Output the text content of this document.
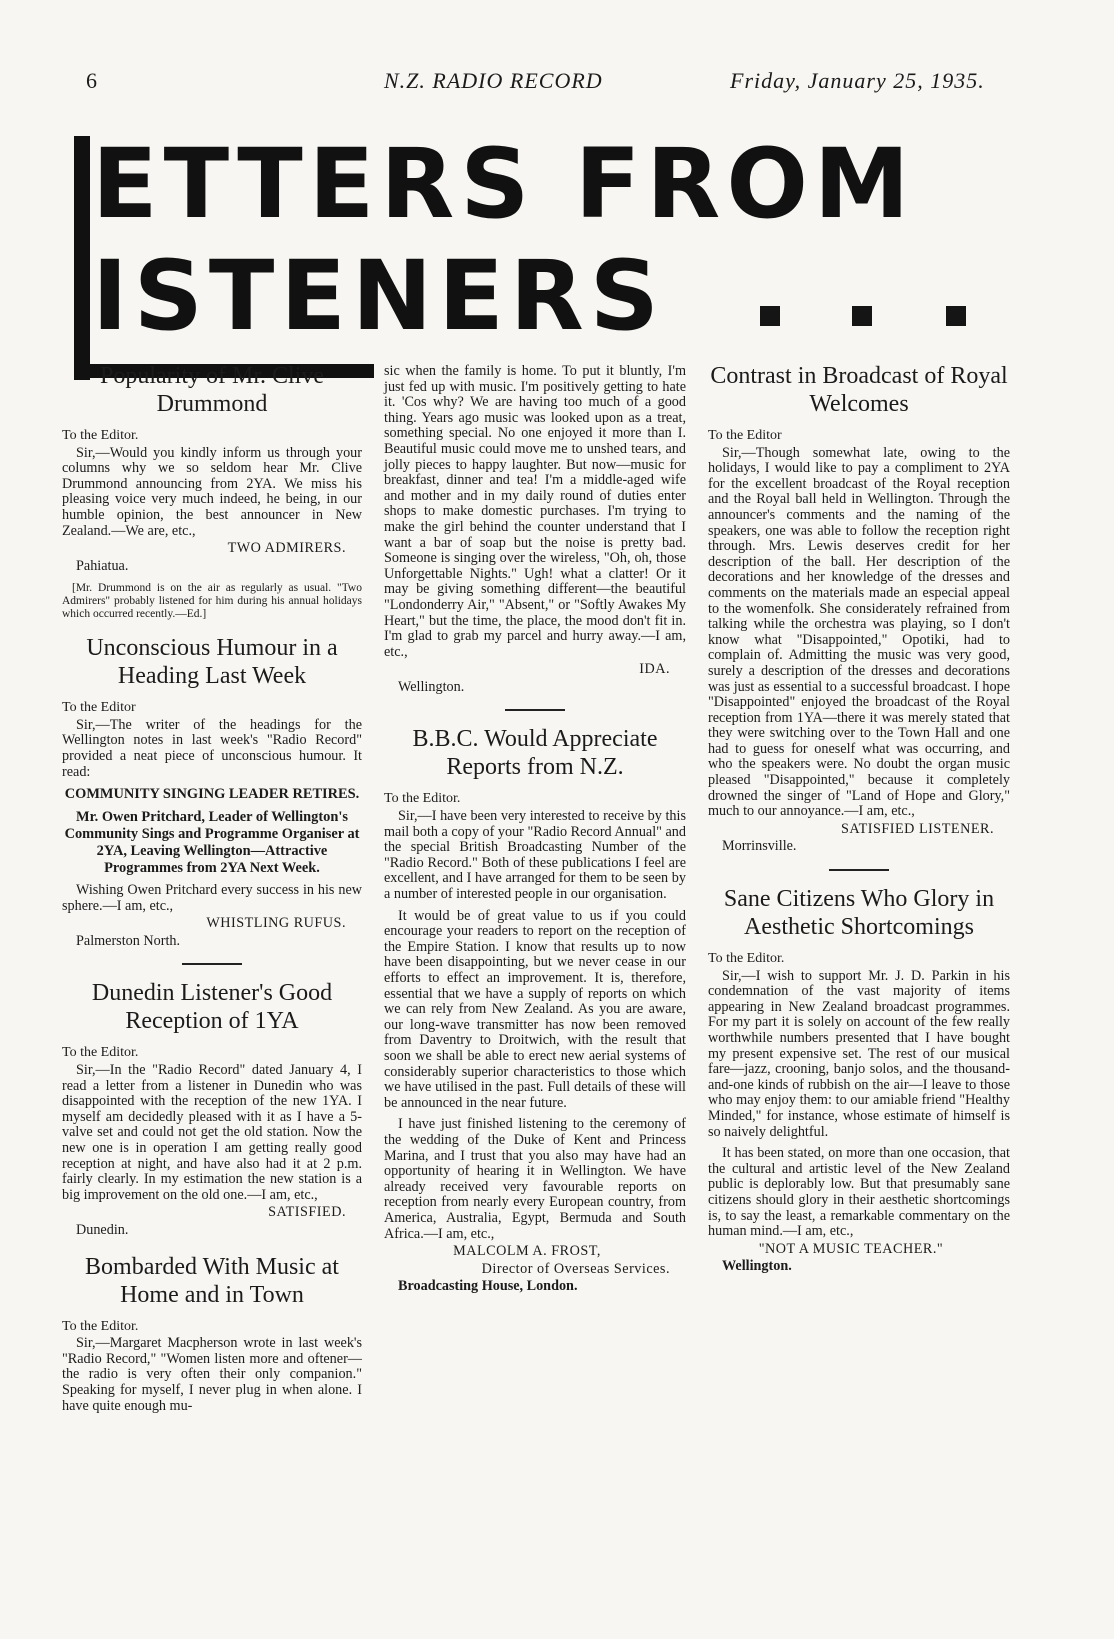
6	N.Z. RADIO RECORD	Friday, January 25, 1935.
ETTERS FROM
ISTENERS
Popularity of Mr. Clive Drummond
To the Editor.

Sir,—Would you kindly inform us through your columns why we so seldom hear Mr. Clive Drummond announcing from 2YA. We miss his pleasing voice very much indeed, he being, in our humble opinion, the best announcer in New Zealand.—We are, etc.,

TWO ADMIRERS.
Pahiatua.
[Mr. Drummond is on the air as regularly as usual. "Two Admirers" probably listened for him during his annual holidays which occurred recently.—Ed.]
Unconscious Humour in a Heading Last Week
To the Editor

Sir,—The writer of the headings for the Wellington notes in last week's "Radio Record" provided a neat piece of unconscious humour. It read:

COMMUNITY SINGING LEADER RETIRES.

Mr. Owen Pritchard, Leader of Wellington's Community Sings and Programme Organiser at 2YA, Leaving Wellington—Attractive Programmes from 2YA Next Week.

Wishing Owen Pritchard every success in his new sphere.—I am, etc.,

WHISTLING RUFUS.
Palmerston North.
Dunedin Listener's Good Reception of 1YA
To the Editor.

Sir,—In the "Radio Record" dated January 4, I read a letter from a listener in Dunedin who was disappointed with the reception of the new 1YA. I myself am decidedly pleased with it as I have a 5-valve set and could not get the old station. Now the new one is in operation I am getting really good reception at night, and have also had it at 2 p.m. fairly clearly. In my estimation the new station is a big improvement on the old one.—I am, etc.,

SATISFIED.
Dunedin.
Bombarded With Music at Home and in Town
To the Editor.

Sir,—Margaret Macpherson wrote in last week's "Radio Record," "Women listen more and oftener—the radio is very often their only companion." Speaking for myself, I never plug in when alone. I have quite enough mu-

sic when the family is home. To put it bluntly, I'm just fed up with music. I'm positively getting to hate it. 'Cos why? We are having too much of a good thing. Years ago music was looked upon as a treat, something special. No one enjoyed it more than I. Beautiful music could move me to unshed tears, and jolly pieces to happy laughter. But now—music for breakfast, dinner and tea! I'm a middle-aged wife and mother and in my daily round of duties enter shops to make domestic purchases. I'm trying to make the girl behind the counter understand that I want a bar of soap but the noise is pretty bad. Someone is singing over the wireless, "Oh, oh, those Unforgettable Nights." Ugh! what a clatter! Or it may be giving something different—the beautiful "Londonderry Air," "Absent," or "Softly Awakes My Heart," but the time, the place, the mood don't fit in. I'm glad to grab my parcel and hurry away.—I am, etc.,

IDA.
Wellington.
B.B.C. Would Appreciate Reports from N.Z.
To the Editor.

Sir,—I have been very interested to receive by this mail both a copy of your "Radio Record Annual" and the special British Broadcasting Number of the "Radio Record." Both of these publications I feel are excellent, and I have arranged for them to be seen by a number of interested people in our organisation.

It would be of great value to us if you could encourage your readers to report on the reception of the Empire Station. I know that results up to now have been disappointing, but we never cease in our efforts to effect an improvement. It is, therefore, essential that we have a supply of reports on which we can rely from New Zealand. As you are aware, our long-wave transmitter has now been removed from Daventry to Droitwich, with the result that soon we shall be able to erect new aerial systems of considerably superior characteristics to those which we have utilised in the past. Full details of these will be announced in the near future.

I have just finished listening to the ceremony of the wedding of the Duke of Kent and Princess Marina, and I trust that you also may have had an opportunity of hearing it in Wellington. We have already received very favourable reports on reception from nearly every European country, from America, Australia, Egypt, Bermuda and South Africa.—I am, etc.,

MALCOLM A. FROST,
Director of Overseas Services.
Broadcasting House, London.
Contrast in Broadcast of Royal Welcomes
To the Editor

Sir,—Though somewhat late, owing to the holidays, I would like to pay a compliment to 2YA for the excellent broadcast of the Royal reception and the Royal ball held in Wellington. Through the announcer's comments and the naming of the speakers, one was able to follow the reception right through. Mrs. Lewis deserves credit for her description of the ball. Her description of the decorations and her knowledge of the dresses and comments on the materials made an especial appeal to the womenfolk. She considerately refrained from talking while the orchestra was playing, so I don't know what "Disappointed," Opotiki, had to complain of. Admitting the music was very good, surely a description of the dresses and decorations was just as essential to a successful broadcast. I hope "Disappointed" enjoyed the broadcast of the Royal reception from 1YA—there it was merely stated that they were switching over to the Town Hall and one had to guess for oneself what was occurring, and who the speakers were. No doubt the organ music pleased "Disappointed," because it completely drowned the singer of "Land of Hope and Glory," much to our annoyance.—I am, etc.,

SATISFIED LISTENER.
Morrinsville.
Sane Citizens Who Glory in Aesthetic Shortcomings
To the Editor.

Sir,—I wish to support Mr. J. D. Parkin in his condemnation of the vast majority of items appearing in New Zealand broadcast programmes. For my part it is solely on account of the few really worthwhile numbers presented that I have bought my present expensive set. The rest of our musical fare—jazz, crooning, banjo solos, and the thousand-and-one kinds of rubbish on the air—I leave to those who may enjoy them: to our amiable friend "Healthy Minded," for instance, whose estimate of himself is so naively delightful.

It has been stated, on more than one occasion, that the cultural and artistic level of the New Zealand public is deplorably low. But that presumably sane citizens should glory in their aesthetic shortcomings is, to say the least, a remarkable commentary on the human mind.—I am, etc.,

"NOT A MUSIC TEACHER."
Wellington.
